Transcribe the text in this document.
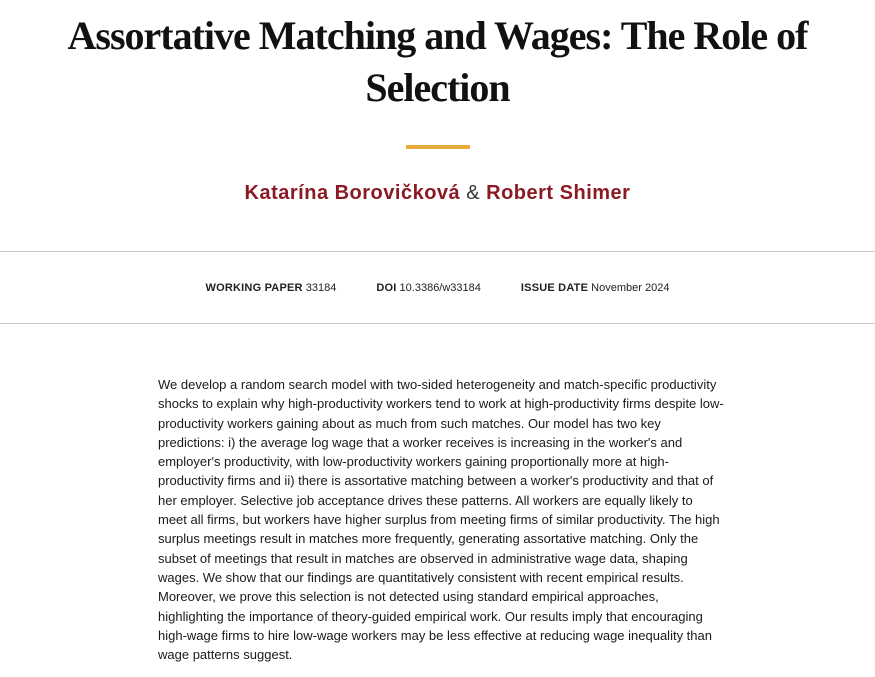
Assortative Matching and Wages: The Role of Selection
Katarína Borovičková & Robert Shimer
WORKING PAPER 33184	DOI 10.3386/w33184	ISSUE DATE November 2024

We develop a random search model with two-sided heterogeneity and match-specific productivity shocks to explain why high-productivity workers tend to work at high-productivity firms despite low-productivity workers gaining about as much from such matches. Our model has two key predictions: i) the average log wage that a worker receives is increasing in the worker's and employer's productivity, with low-productivity workers gaining proportionally more at high-productivity firms and ii) there is assortative matching between a worker's productivity and that of her employer. Selective job acceptance drives these patterns. All workers are equally likely to meet all firms, but workers have higher surplus from meeting firms of similar productivity. The high surplus meetings result in matches more frequently, generating assortative matching. Only the subset of meetings that result in matches are observed in administrative wage data, shaping wages. We show that our findings are quantitatively consistent with recent empirical results. Moreover, we prove this selection is not detected using standard empirical approaches, highlighting the importance of theory-guided empirical work. Our results imply that encouraging high-wage firms to hire low-wage workers may be less effective at reducing wage inequality than wage patterns suggest.
